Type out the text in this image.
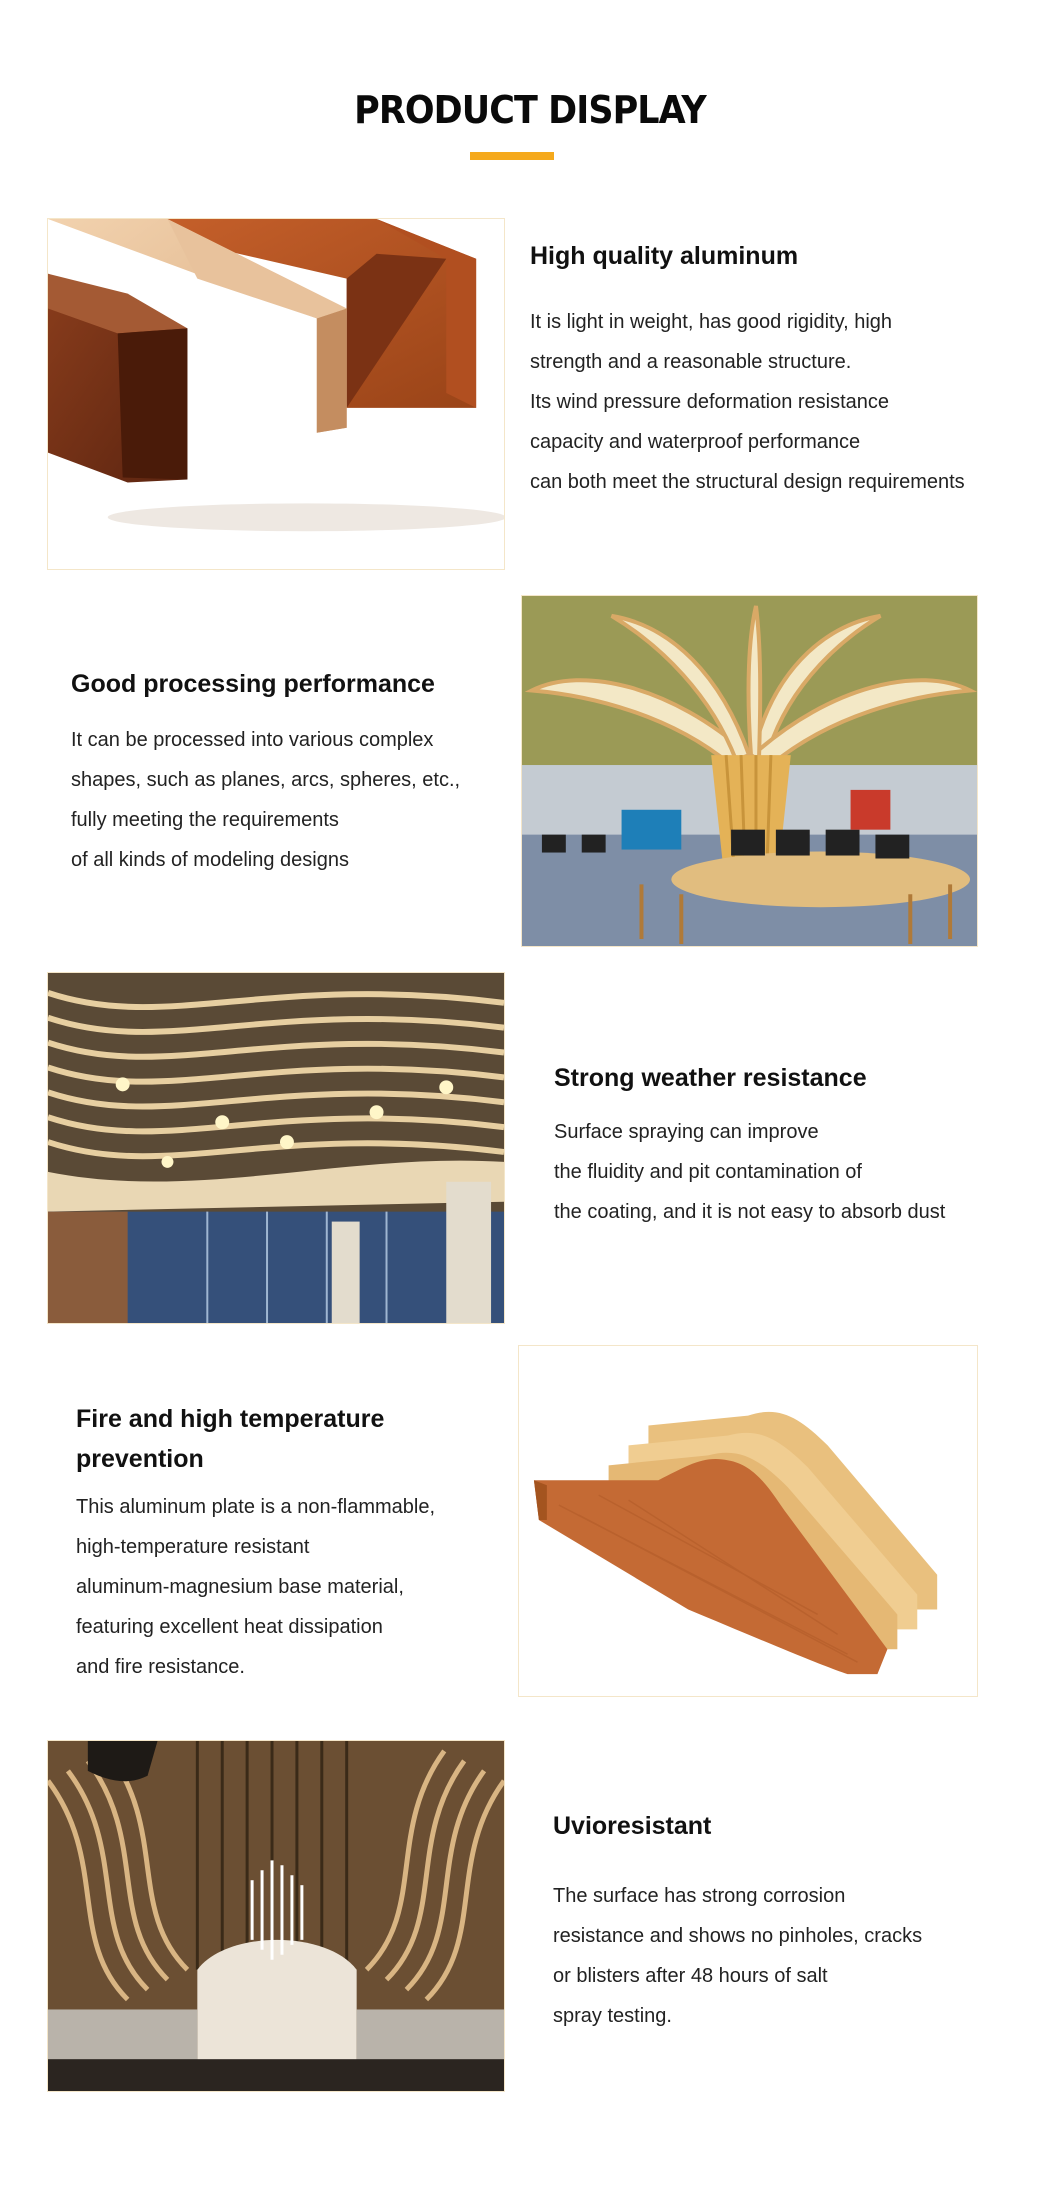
PRODUCT DISPLAY
High quality aluminum
It is light in weight, has good rigidity, high
strength and a reasonable structure.
Its wind pressure deformation resistance
capacity and waterproof performance
can both meet the structural design requirements
Good processing performance
It can be processed into various complex
shapes, such as planes, arcs, spheres, etc.,
fully meeting the requirements
of all kinds of modeling designs
Strong weather resistance
Surface spraying can improve
the fluidity and pit contamination of
the coating, and it is not easy to absorb dust
Fire and high temperature
prevention
This aluminum plate is a non-flammable,
high-temperature resistant
aluminum-magnesium base material,
featuring excellent heat dissipation
and fire resistance.
Uvioresistant
The surface has strong corrosion
resistance and shows no pinholes, cracks
or blisters after 48 hours of salt
spray testing.
